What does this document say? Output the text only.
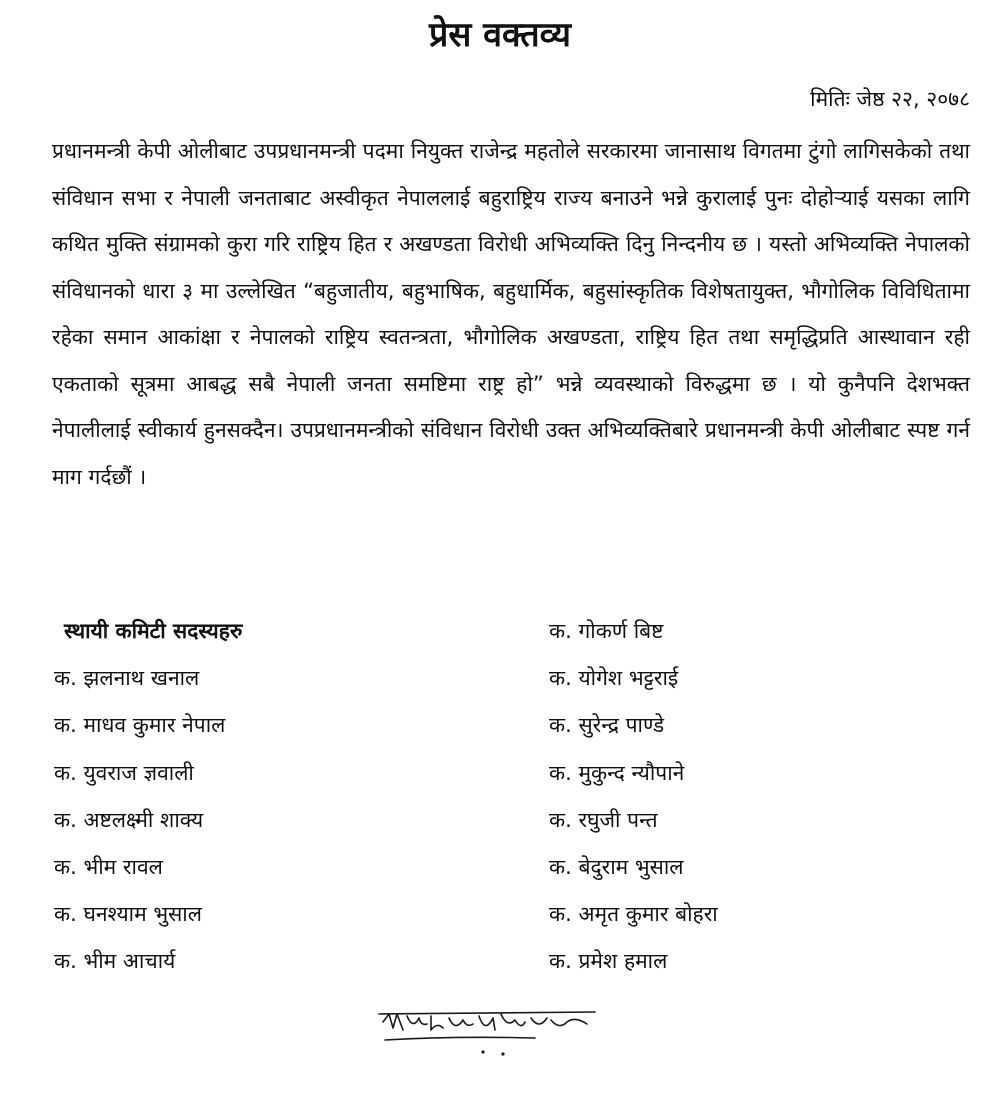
प्रेस वक्तव्य
मितिः जेष्ठ २२, २०७८

प्रधानमन्त्री केपी ओलीबाट उपप्रधानमन्त्री पदमा नियुक्त राजेन्द्र महतोले सरकारमा जानासाथ विगतमा टुंगो लागिसकेको तथा संविधान सभा र नेपाली जनताबाट अस्वीकृत नेपाललाई बहुराष्ट्रिय राज्य बनाउने भन्ने कुरालाई पुनः दोहोऱ्याई यसका लागि कथित मुक्ति संग्रामको कुरा गरि राष्ट्रिय हित र अखण्डता विरोधी अभिव्यक्ति दिनु निन्दनीय छ । यस्तो अभिव्यक्ति नेपालको संविधानको धारा ३ मा उल्लेखित “बहुजातीय, बहुभाषिक, बहुधार्मिक, बहुसांस्कृतिक विशेषतायुक्त, भौगोलिक विविधितामा रहेका समान आकांक्षा र नेपालको राष्ट्रिय स्वतन्त्रता, भौगोलिक अखण्डता, राष्ट्रिय हित तथा समृद्धिप्रति आस्थावान रही एकताको सूत्रमा आबद्ध सबै नेपाली जनता समष्टिमा राष्ट्र हो” भन्ने व्यवस्थाको विरुद्धमा छ । यो कुनैपनि देशभक्त नेपालीलाई स्वीकार्य हुनसक्दैन। उपप्रधानमन्त्रीको संविधान विरोधी उक्त अभिव्यक्तिबारे प्रधानमन्त्री केपी ओलीबाट स्पष्ट गर्न माग गर्दछौं ।

स्थायी कमिटी सदस्यहरु
क. झलनाथ खनाल
क. माधव कुमार नेपाल
क. युवराज ज्ञवाली
क. अष्टलक्ष्मी शाक्य
क. भीम रावल
क. घनश्याम भुसाल
क. भीम आचार्य
क. गोकर्ण बिष्ट
क. योगेश भट्टराई
क. सुरेन्द्र पाण्डे
क. मुकुन्द न्यौपाने
क. रघुजी पन्त
क. बेदुराम भुसाल
क. अमृत कुमार बोहरा
क. प्रमेश हमाल
